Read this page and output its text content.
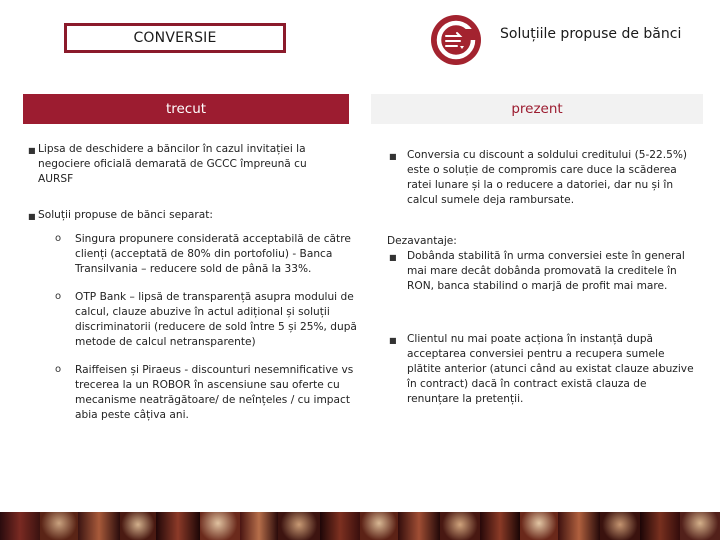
CONVERSIE	Soluțiile propuse de bănci
trecut	prezent
■ Lipsa de deschidere a băncilor în cazul invitației la negociere oficială demarată de GCCC împreună cu AURSF
■ Soluții propuse de bănci separat:
o Singura propunere considerată acceptabilă de către clienți (acceptată de 80% din portofoliu) - Banca Transilvania – reducere sold de până la 33%.
o OTP Bank – lipsă de transparență asupra modului de calcul, clauze abuzive în actul adițional și soluții discriminatorii (reducere de sold între 5 și 25%, după metode de calcul netransparente)
o Raiffeisen și Piraeus - discounturi nesemnificative vs trecerea la un ROBOR în ascensiune sau oferte cu mecanisme neatrăgătoare/ de neînțeles / cu impact abia peste câțiva ani.
■ Conversia cu discount a soldului creditului (5-22.5%) este o soluție de compromis care duce la scăderea ratei lunare și la o reducere a datoriei, dar nu și în calcul sumele deja rambursate.
Dezavantaje:
■ Dobânda stabilită în urma conversiei este în general mai mare decât dobânda promovată la creditele în RON, banca stabilind o marjă de profit mai mare.
■ Clientul nu mai poate acționa în instanță după acceptarea conversiei pentru a recupera sumele plătite anterior (atunci când au existat clauze abuzive în contract) dacă în contract există clauza de renunțare la pretenții.
